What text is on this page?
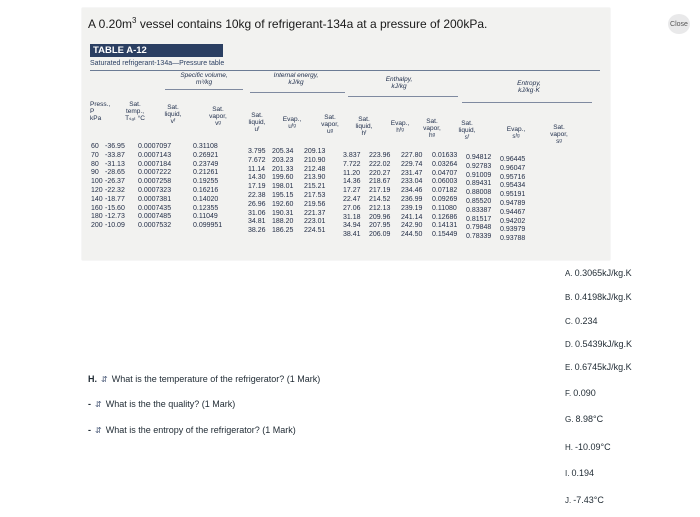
Close
A $0.20m^3$ vessel contains 10kg of refrigerant-134a at a pressure of 200kPa.
TABLE A-12
Saturated refrigerant-134a—Pressure table
Specific volume,
m³/kg
Internal energy,
kJ/kg	Enthalpy,
kJ/kg	Entropy,
kJ/kg·K
Press.,
P
kPa
Sat.
temp.,
Tₛₐₜ °C
Sat.
liquid,
vᶠ
Sat.
vapor,
vᵍ
Sat.
liquid,
uᶠ
Evap.,
uᶠᵍ
Sat.
vapor,
uᵍ
Sat.
liquid,
hᶠ
Evap.,
hᶠᵍ
Sat.
vapor,
hᵍ
Sat.
liquid,
sᶠ
Evap.,
sᶠᵍ
Sat.
vapor,
sᵍ
60
70
80
90
100
120
140
160
180
200
-36.95
-33.87
-31.13
-28.65
-26.37
-22.32
-18.77
-15.60
-12.73
-10.09
0.0007097
0.0007143
0.0007184
0.0007222
0.0007258
0.0007323
0.0007381
0.0007435
0.0007485
0.0007532
0.31108
0.26921
0.23749
0.21261
0.19255
0.16216
0.14020
0.12355
0.11049
0.099951
3.795
7.672
11.14
14.30
17.19
22.38
26.96
31.06
34.81
38.26
205.34
203.23
201.33
199.60
198.01
195.15
192.60
190.31
188.20
186.25
209.13
210.90
212.48
213.90
215.21
217.53
219.56
221.37
223.01
224.51
3.837
7.722
11.20
14.36
17.27
22.47
27.06
31.18
34.94
38.41
223.96
222.02
220.27
218.67
217.19
214.52
212.13
209.96
207.95
206.09
227.80
229.74
231.47
233.04
234.46
236.99
239.19
241.14
242.90
244.50
0.01633
0.03264
0.04707
0.06003
0.07182
0.09269
0.11080
0.12686
0.14131
0.15449
0.94812
0.92783
0.91009
0.89431
0.88008
0.85520
0.83387
0.81517
0.79848
0.78339
0.96445
0.96047
0.95716
0.95434
0.95191
0.94789
0.94467
0.94202
0.93979
0.93788
H. ⇵ What is the temperature of the refrigerator? (1 Mark)
- ⇵ What is the the quality? (1 Mark)
- ⇵ What is the entropy of the refrigerator? (1 Mark)
A. 0.3065kJ/kg.K
B. 0.4198kJ/kg.K
C. 0.234
D. 0.5439kJ/kg.K
E. 0.6745kJ/kg.K
F. 0.090
G. 8.98°C
H. -10.09°C
I. 0.194
J. -7.43°C
